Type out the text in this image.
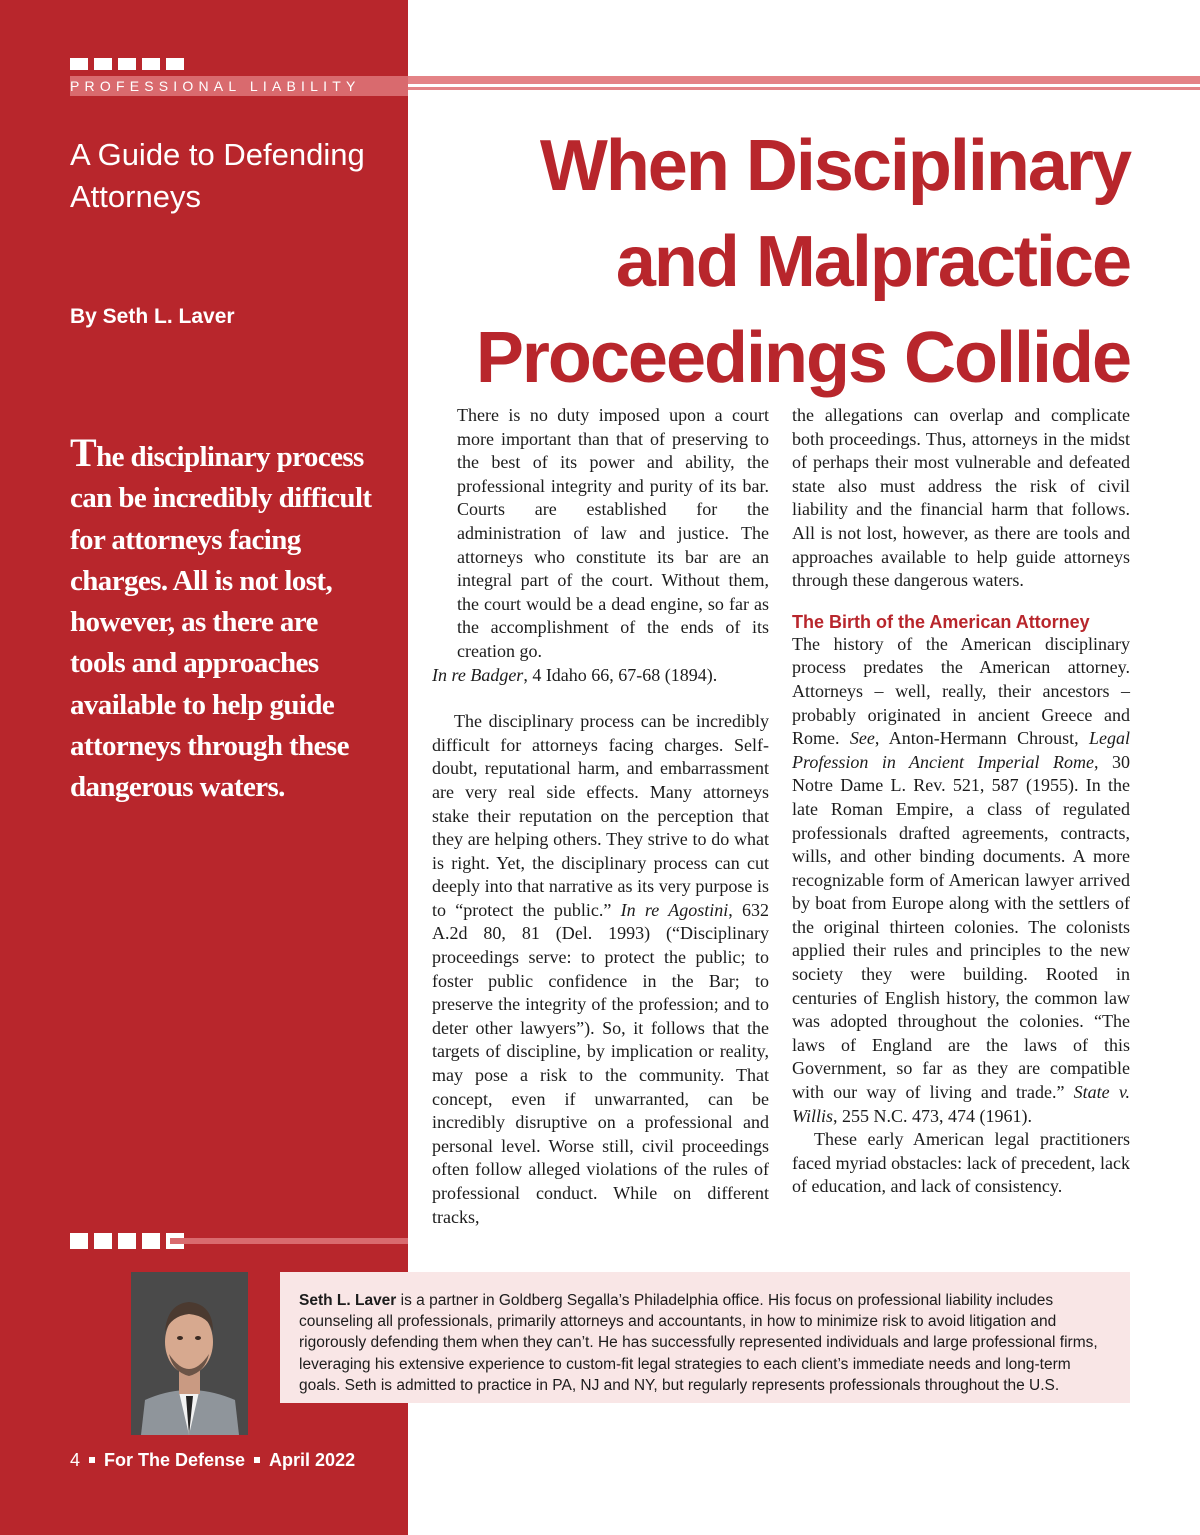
PROFESSIONAL LIABILITY
A Guide to Defending Attorneys
By Seth L. Laver
The disciplinary process can be incredibly difficult for attorneys facing charges. All is not lost, however, as there are tools and approaches available to help guide attorneys through these dangerous waters.
When Disciplinary
and Malpractice
Proceedings Collide

There is no duty imposed upon a court more important than that of preserving to the best of its power and ability, the professional integrity and purity of its bar. Courts are established for the administration of law and justice. The attorneys who constitute its bar are an integral part of the court. Without them, the court would be a dead engine, so far as the accomplishment of the ends of its creation go.

In re Badger, 4 Idaho 66, 67-68 (1894).

The disciplinary process can be incredibly difficult for attorneys facing charges. Self-doubt, reputational harm, and embarrassment are very real side effects. Many attorneys stake their reputation on the perception that they are helping others. They strive to do what is right. Yet, the disciplinary process can cut deeply into that narrative as its very purpose is to “protect the public.” In re Agostini, 632 A.2d 80, 81 (Del. 1993) (“Disciplinary proceedings serve: to protect the public; to foster public confidence in the Bar; to preserve the integrity of the profession; and to deter other lawyers”). So, it follows that the targets of discipline, by implication or reality, may pose a risk to the community. That concept, even if unwarranted, can be incredibly disruptive on a professional and personal level. Worse still, civil proceedings often follow alleged violations of the rules of professional conduct. While on different tracks,

the allegations can overlap and complicate both proceedings. Thus, attorneys in the midst of perhaps their most vulnerable and defeated state also must address the risk of civil liability and the financial harm that follows. All is not lost, however, as there are tools and approaches available to help guide attorneys through these dangerous waters.

The Birth of the American Attorney

The history of the American disciplinary process predates the American attorney. Attorneys – well, really, their ancestors – probably originated in ancient Greece and Rome. See, Anton-Hermann Chroust, Legal Profession in Ancient Imperial Rome, 30 Notre Dame L. Rev. 521, 587 (1955). In the late Roman Empire, a class of regulated professionals drafted agreements, contracts, wills, and other binding documents. A more recognizable form of American lawyer arrived by boat from Europe along with the settlers of the original thirteen colonies. The colonists applied their rules and principles to the new society they were building. Rooted in centuries of English history, the common law was adopted throughout the colonies. “The laws of England are the laws of this Government, so far as they are compatible with our way of living and trade.” State v. Willis, 255 N.C. 473, 474 (1961).

These early American legal practitioners faced myriad obstacles: lack of precedent, lack of education, and lack of consistency.

Seth L. Laver is a partner in Goldberg Segalla’s Philadelphia office. His focus on professional liability includes counseling all professionals, primarily attorneys and accountants, in how to minimize risk to avoid litigation and rigorously defending them when they can’t. He has successfully represented individuals and large professional firms, leveraging his extensive experience to custom-fit legal strategies to each client’s immediate needs and long-term goals. Seth is admitted to practice in PA, NJ and NY, but regularly represents professionals throughout the U.S.
4 For The Defense April 2022
